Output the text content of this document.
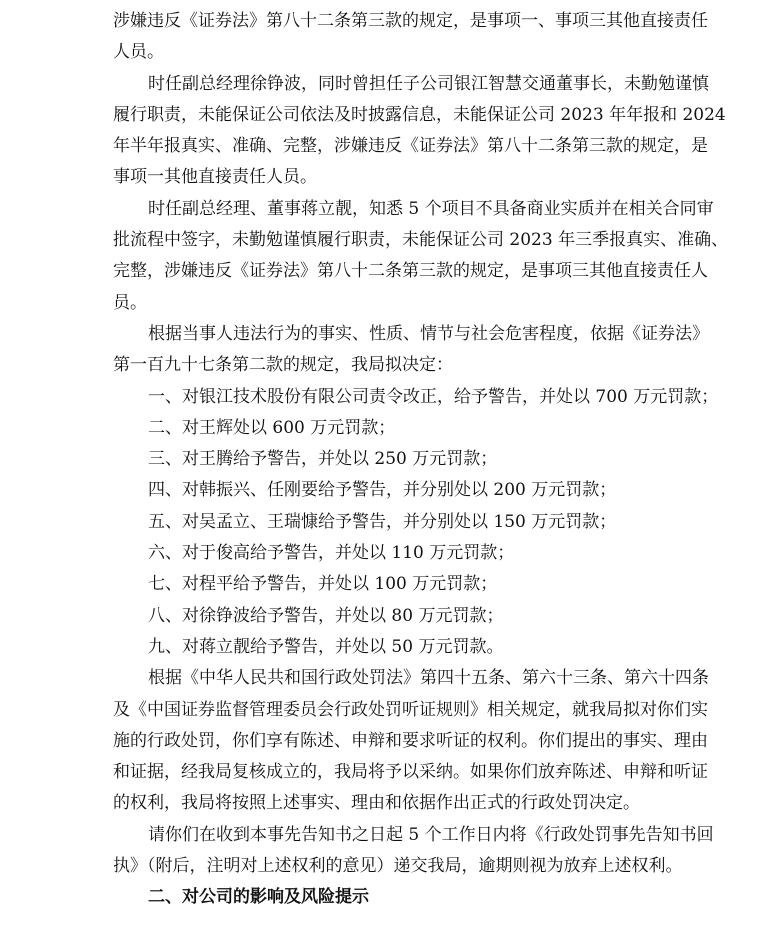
涉嫌违反《证券法》第八十二条第三款的规定，是事项一、事项三其他直接责任
人员。
时任副总经理徐铮波，同时曾担任子公司银江智慧交通董事长，未勤勉谨慎
履行职责，未能保证公司依法及时披露信息，未能保证公司 2023 年年报和 2024
年半年报真实、准确、完整，涉嫌违反《证券法》第八十二条第三款的规定，是
事项一其他直接责任人员。
时任副总经理、董事蒋立靓，知悉 5 个项目不具备商业实质并在相关合同审
批流程中签字，未勤勉谨慎履行职责，未能保证公司 2023 年三季报真实、准确、
完整，涉嫌违反《证券法》第八十二条第三款的规定，是事项三其他直接责任人
员。
根据当事人违法行为的事实、性质、情节与社会危害程度，依据《证券法》
第一百九十七条第二款的规定，我局拟决定：
一、对银江技术股份有限公司责令改正，给予警告，并处以 700 万元罚款；
二、对王辉处以 600 万元罚款；
三、对王腾给予警告，并处以 250 万元罚款；
四、对韩振兴、任刚要给予警告，并分别处以 200 万元罚款；
五、对吴孟立、王瑞慷给予警告，并分别处以 150 万元罚款；
六、对于俊高给予警告，并处以 110 万元罚款；
七、对程平给予警告，并处以 100 万元罚款；
八、对徐铮波给予警告，并处以 80 万元罚款；
九、对蒋立靓给予警告，并处以 50 万元罚款。
根据《中华人民共和国行政处罚法》第四十五条、第六十三条、第六十四条
及《中国证券监督管理委员会行政处罚听证规则》相关规定，就我局拟对你们实
施的行政处罚，你们享有陈述、申辩和要求听证的权利。你们提出的事实、理由
和证据，经我局复核成立的，我局将予以采纳。如果你们放弃陈述、申辩和听证
的权利，我局将按照上述事实、理由和依据作出正式的行政处罚决定。
请你们在收到本事先告知书之日起 5 个工作日内将《行政处罚事先告知书回
执》（附后，注明对上述权利的意见）递交我局，逾期则视为放弃上述权利。
二、对公司的影响及风险提示
